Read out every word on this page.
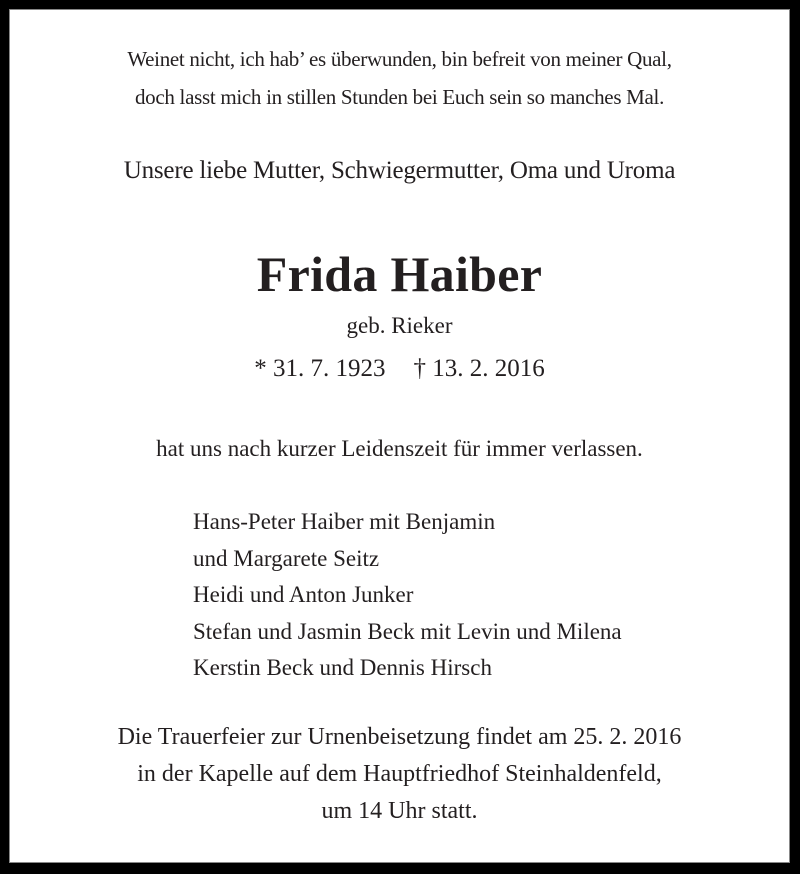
Weinet nicht, ich hab’ es überwunden, bin befreit von meiner Qual,
doch lasst mich in stillen Stunden bei Euch sein so manches Mal.
Unsere liebe Mutter, Schwiegermutter, Oma und Uroma
Frida Haiber
geb. Rieker
* 31. 7. 1923 † 13. 2. 2016
hat uns nach kurzer Leidenszeit für immer verlassen.
Hans-Peter Haiber mit Benjamin
und Margarete Seitz
Heidi und Anton Junker
Stefan und Jasmin Beck mit Levin und Milena
Kerstin Beck und Dennis Hirsch
Die Trauerfeier zur Urnenbeisetzung findet am 25. 2. 2016
in der Kapelle auf dem Hauptfriedhof Steinhaldenfeld,
um 14 Uhr statt.
